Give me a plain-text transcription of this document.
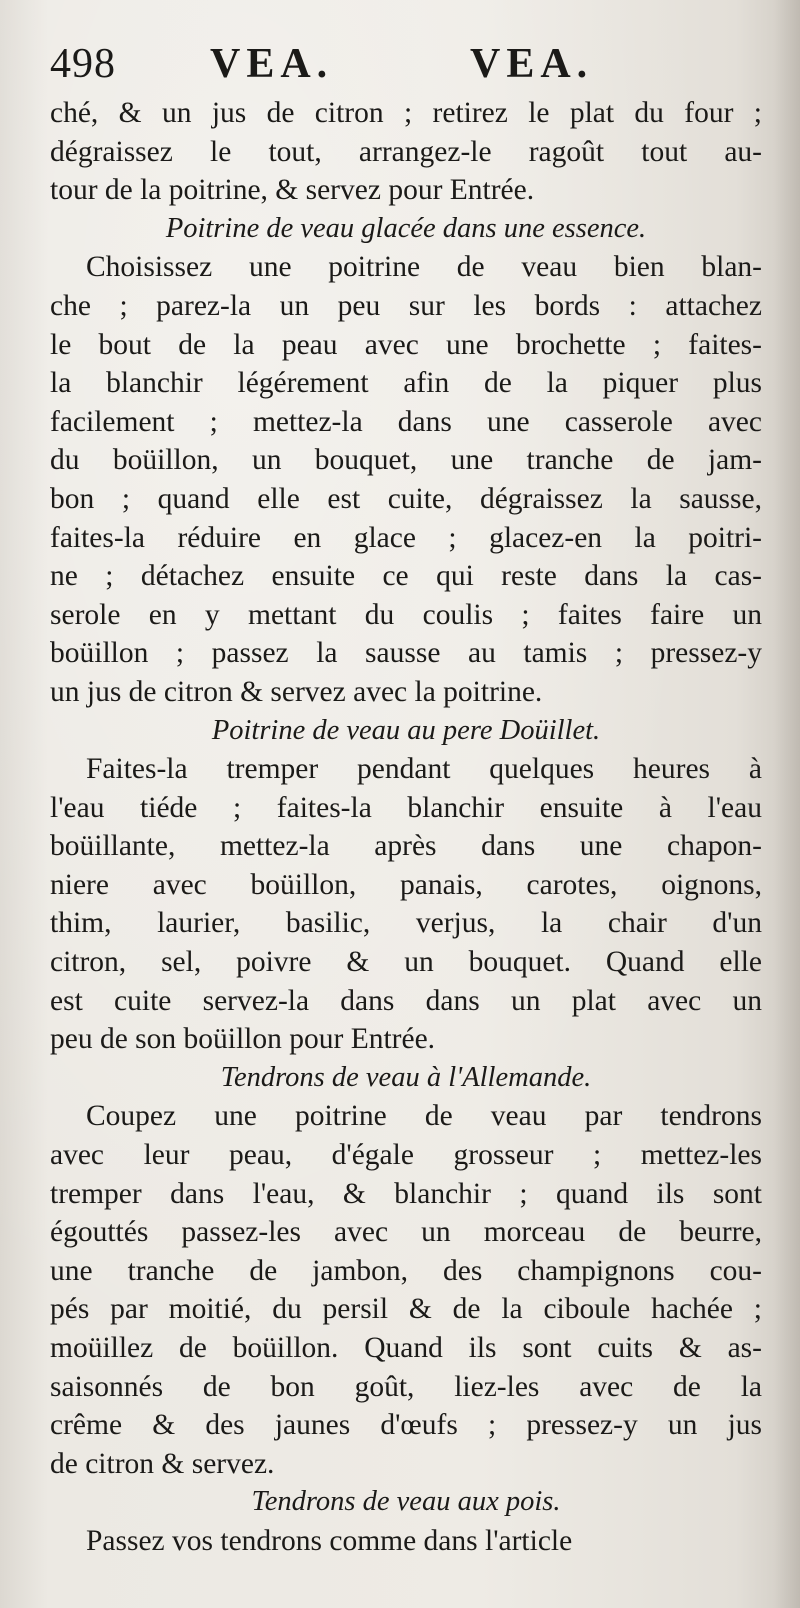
498 VEA.	VEA.
ché, & un jus de citron ; retirez le plat du four ;
dégraissez le tout, arrangez-le ragoût tout au-
tour de la poitrine, & servez pour Entrée.
Poitrine de veau glacée dans une essence.
Choisissez une poitrine de veau bien blan-
che ; parez-la un peu sur les bords : attachez
le bout de la peau avec une brochette ; faites-
la blanchir légérement afin de la piquer plus
facilement ; mettez-la dans une casserole avec
du boüillon, un bouquet, une tranche de jam-
bon ; quand elle est cuite, dégraissez la sausse,
faites-la réduire en glace ; glacez-en la poitri-
ne ; détachez ensuite ce qui reste dans la cas-
serole en y mettant du coulis ; faites faire un
boüillon ; passez la sausse au tamis ; pressez-y
un jus de citron & servez avec la poitrine.
Poitrine de veau au pere Doüillet.
Faites-la tremper pendant quelques heures à
l'eau tiéde ; faites-la blanchir ensuite à l'eau
boüillante, mettez-la après dans une chapon-
niere avec boüillon, panais, carotes, oignons,
thim, laurier, basilic, verjus, la chair d'un
citron, sel, poivre & un bouquet. Quand elle
est cuite servez-la dans dans un plat avec un
peu de son boüillon pour Entrée.
Tendrons de veau à l'Allemande.
Coupez une poitrine de veau par tendrons
avec leur peau, d'égale grosseur ; mettez-les
tremper dans l'eau, & blanchir ; quand ils sont
égouttés passez-les avec un morceau de beurre,
une tranche de jambon, des champignons cou-
pés par moitié, du persil & de la ciboule hachée ;
moüillez de boüillon. Quand ils sont cuits & as-
saisonnés de bon goût, liez-les avec de la
crême & des jaunes d'œufs ; pressez-y un jus
de citron & servez.
Tendrons de veau aux pois.
Passez vos tendrons comme dans l'article
